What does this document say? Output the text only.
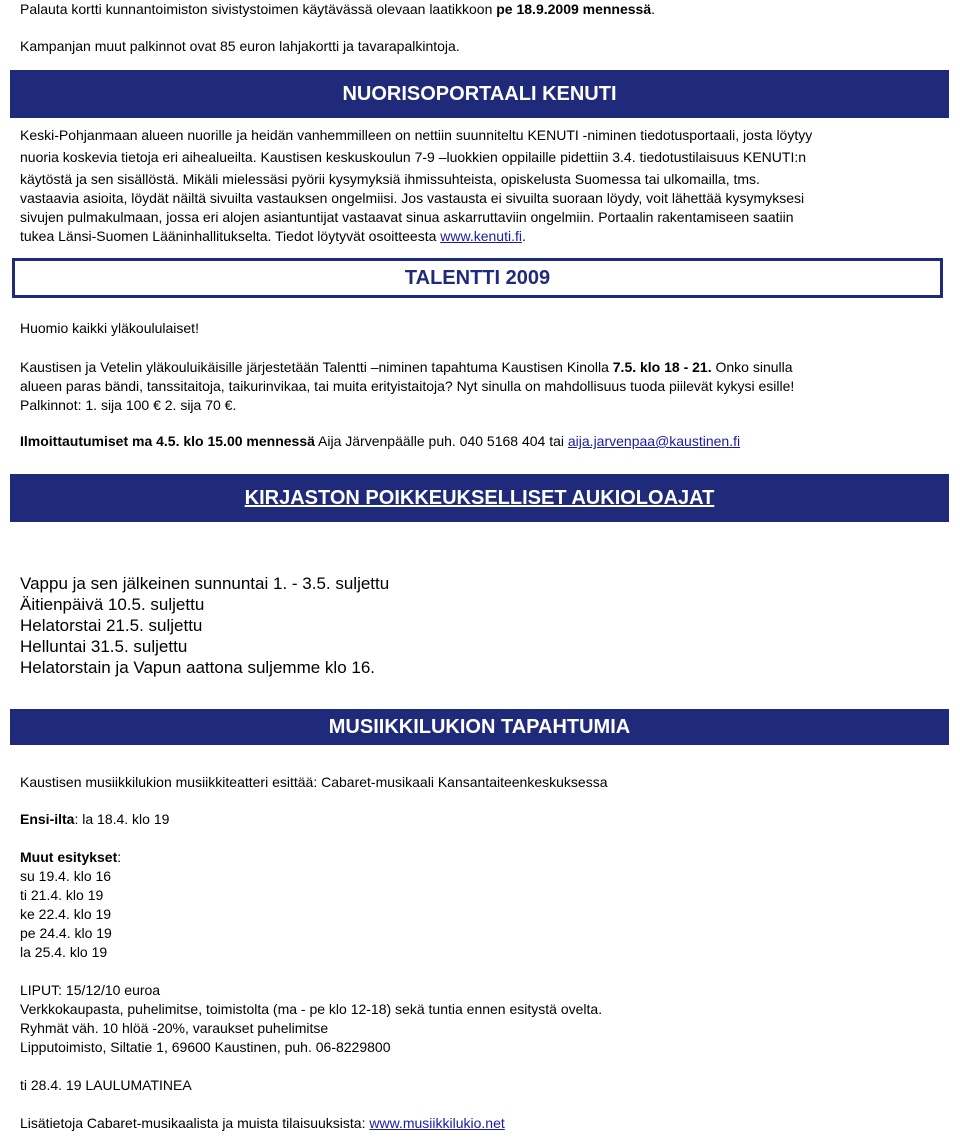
Palauta kortti kunnantoimiston sivistystoimen käytävässä olevaan laatikkoon pe 18.9.2009 mennessä.
Kampanjan muut palkinnot ovat 85 euron lahjakortti ja tavarapalkintoja.
NUORISOPORTAALI KENUTI
Keski-Pohjanmaan alueen nuorille ja heidän vanhemmilleen on nettiin suunniteltu KENUTI -niminen tiedotusportaali, josta löytyy
nuoria koskevia tietoja eri aihealueilta. Kaustisen keskuskoulun 7-9 –luokkien oppilaille pidettiin 3.4. tiedotustilaisuus KENUTI:n
käytöstä ja sen sisällöstä. Mikäli mielessäsi pyörii kysymyksiä ihmissuhteista, opiskelusta Suomessa tai ulkomailla, tms.
vastaavia asioita, löydät näiltä sivuilta vastauksen ongelmiisi. Jos vastausta ei sivuilta suoraan löydy, voit lähettää kysymyksesi
sivujen pulmakulmaan, jossa eri alojen asiantuntijat vastaavat sinua askarruttaviin ongelmiin. Portaalin rakentamiseen saatiin
tukea Länsi-Suomen Lääninhallitukselta. Tiedot löytyvät osoitteesta www.kenuti.fi.
TALENTTI 2009
Huomio kaikki yläkoululaiset!
Kaustisen ja Vetelin yläkouluikäisille järjestetään Talentti –niminen tapahtuma Kaustisen Kinolla 7.5. klo 18 - 21. Onko sinulla
alueen paras bändi, tanssitaitoja, taikurinvikaa, tai muita erityistaitoja? Nyt sinulla on mahdollisuus tuoda piilevät kykysi esille!
Palkinnot: 1. sija 100 € 2. sija 70 €.
Ilmoittautumiset ma 4.5. klo 15.00 mennessä Aija Järvenpäälle puh. 040 5168 404 tai aija.jarvenpaa@kaustinen.fi
KIRJASTON POIKKEUKSELLISET AUKIOLOAJAT
Vappu ja sen jälkeinen sunnuntai 1. - 3.5. suljettu
Äitienpäivä 10.5. suljettu
Helatorstai 21.5. suljettu
Helluntai 31.5. suljettu
Helatorstain ja Vapun aattona suljemme klo 16.
MUSIIKKILUKION TAPAHTUMIA
Kaustisen musiikkilukion musiikkiteatteri esittää: Cabaret-musikaali Kansantaiteenkeskuksessa
Ensi-ilta: la 18.4. klo 19
Muut esitykset:
su 19.4. klo 16
ti 21.4. klo 19
ke 22.4. klo 19
pe 24.4. klo 19
la 25.4. klo 19
LIPUT: 15/12/10 euroa
Verkkokaupasta, puhelimitse, toimistolta (ma - pe klo 12-18) sekä tuntia ennen esitystä ovelta.
Ryhmät väh. 10 hlöä -20%, varaukset puhelimitse
Lipputoimisto, Siltatie 1, 69600 Kaustinen, puh. 06-8229800
ti 28.4. 19 LAULUMATINEA
Lisätietoja Cabaret-musikaalista ja muista tilaisuuksista: www.musiikkilukio.net
